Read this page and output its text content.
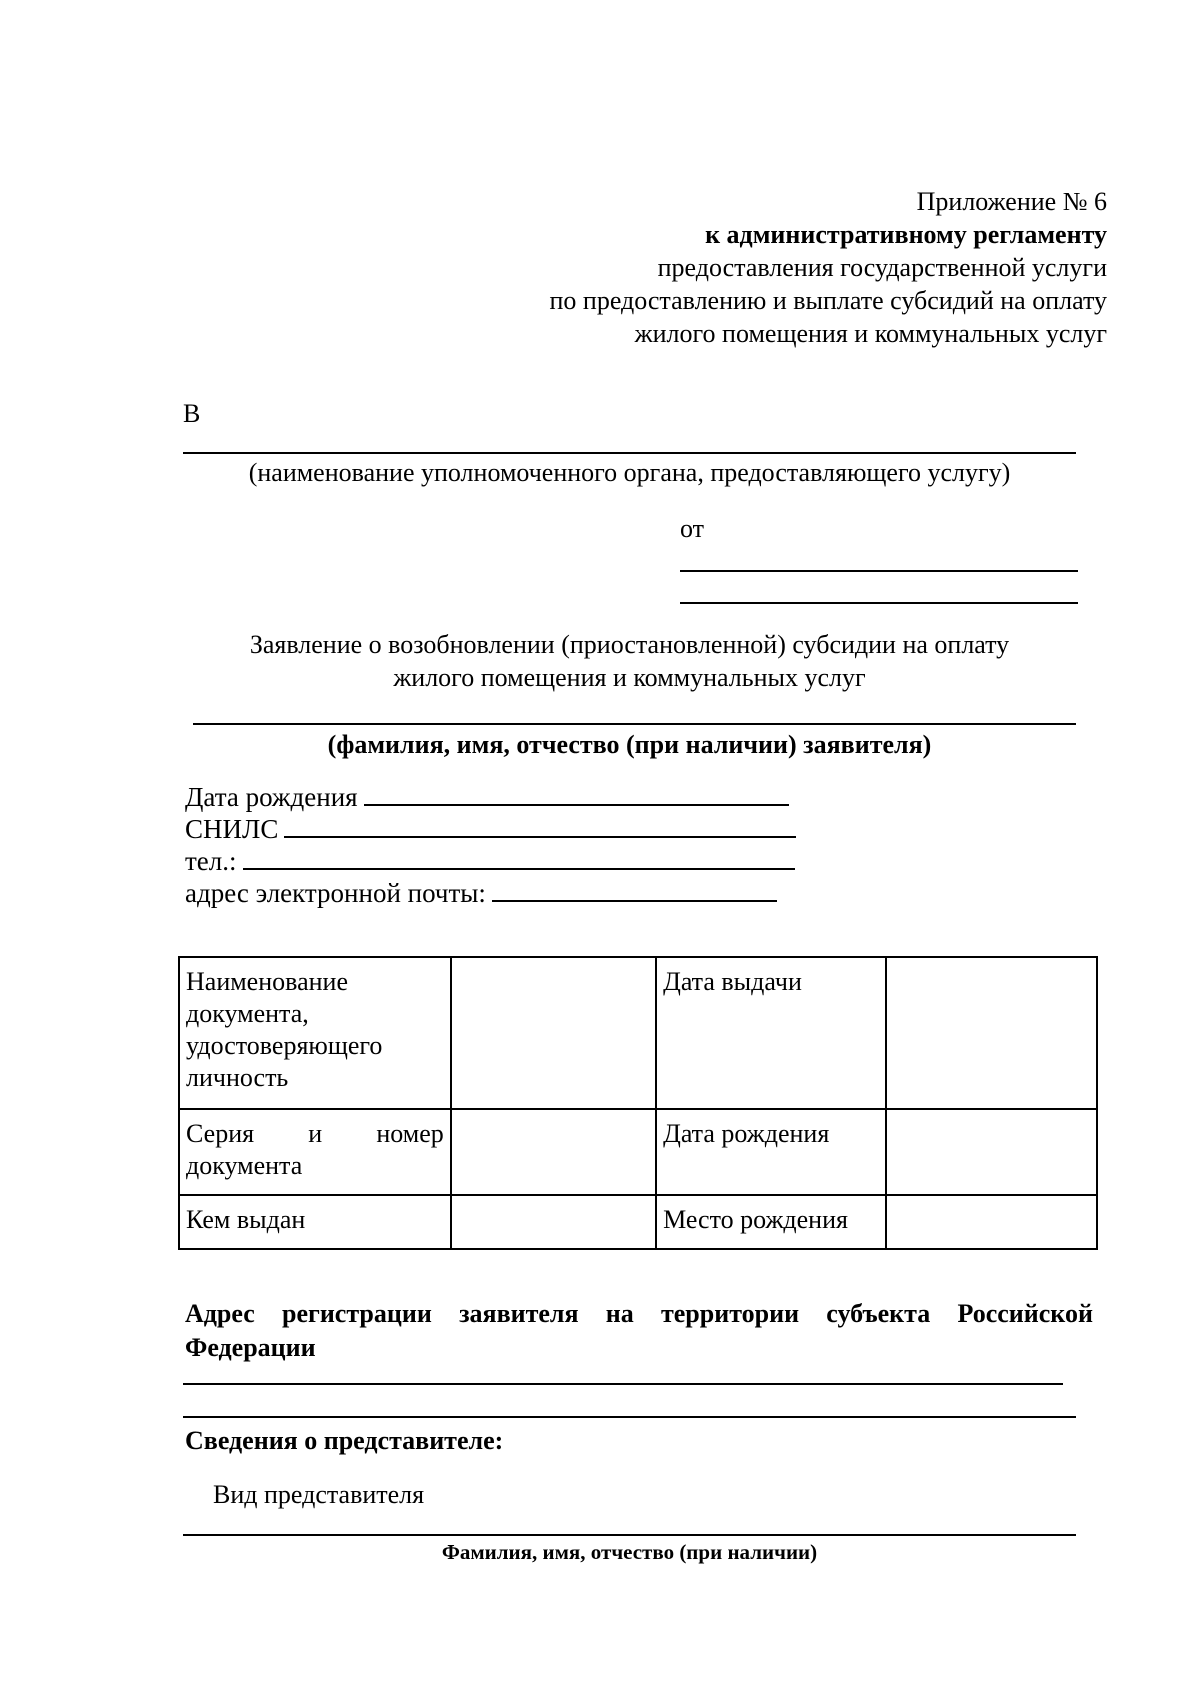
Приложение № 6
к административному регламенту
предоставления государственной услуги
по предоставлению и выплате субсидий на оплату
жилого помещения и коммунальных услуг
В
(наименование уполномоченного органа, предоставляющего услугу)
от
Заявление о возобновлении (приостановленной) субсидии на оплату
жилого помещения и коммунальных услуг
(фамилия, имя, отчество (при наличии) заявителя)
Дата рождения
СНИЛС
тел.:
адрес электронной почты:
Наименование документа, удостоверяющего личность		Дата выдачи	

Серия и номер
документа		Дата рождения	
Кем выдан		Место рождения	
Адрес регистрации заявителя на территории субъекта Российской
Федерации
Сведения о представителе:
Вид представителя
Фамилия, имя, отчество (при наличии)
